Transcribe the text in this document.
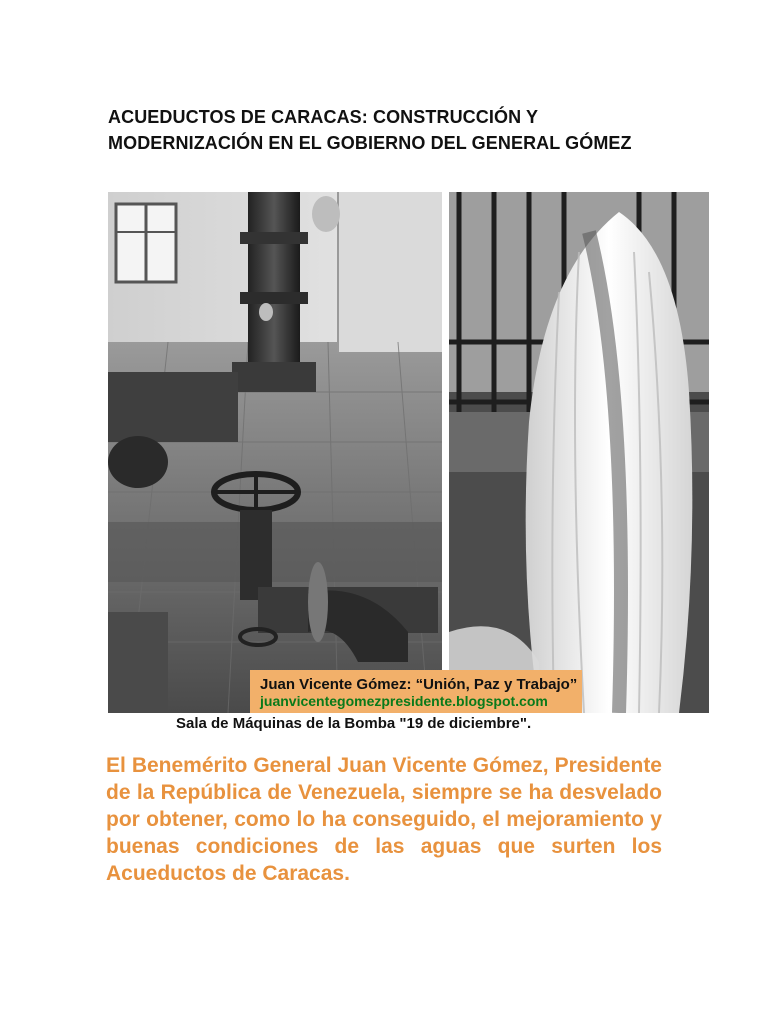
ACUEDUCTOS DE CARACAS: CONSTRUCCIÓN Y MODERNIZACIÓN EN EL GOBIERNO DEL GENERAL GÓMEZ
Juan Vicente Gómez: “Unión, Paz y Trabajo”
juanvicentegomezpresidente.blogspot.com
Sala de Máquinas de la Bomba "19 de diciembre".

El Benemérito General Juan Vicente Gómez, Presidente de la República de Venezuela, siempre se ha desvelado por obtener, como lo ha conseguido, el mejoramiento y buenas condiciones de las aguas que surten los Acueductos de Caracas.
